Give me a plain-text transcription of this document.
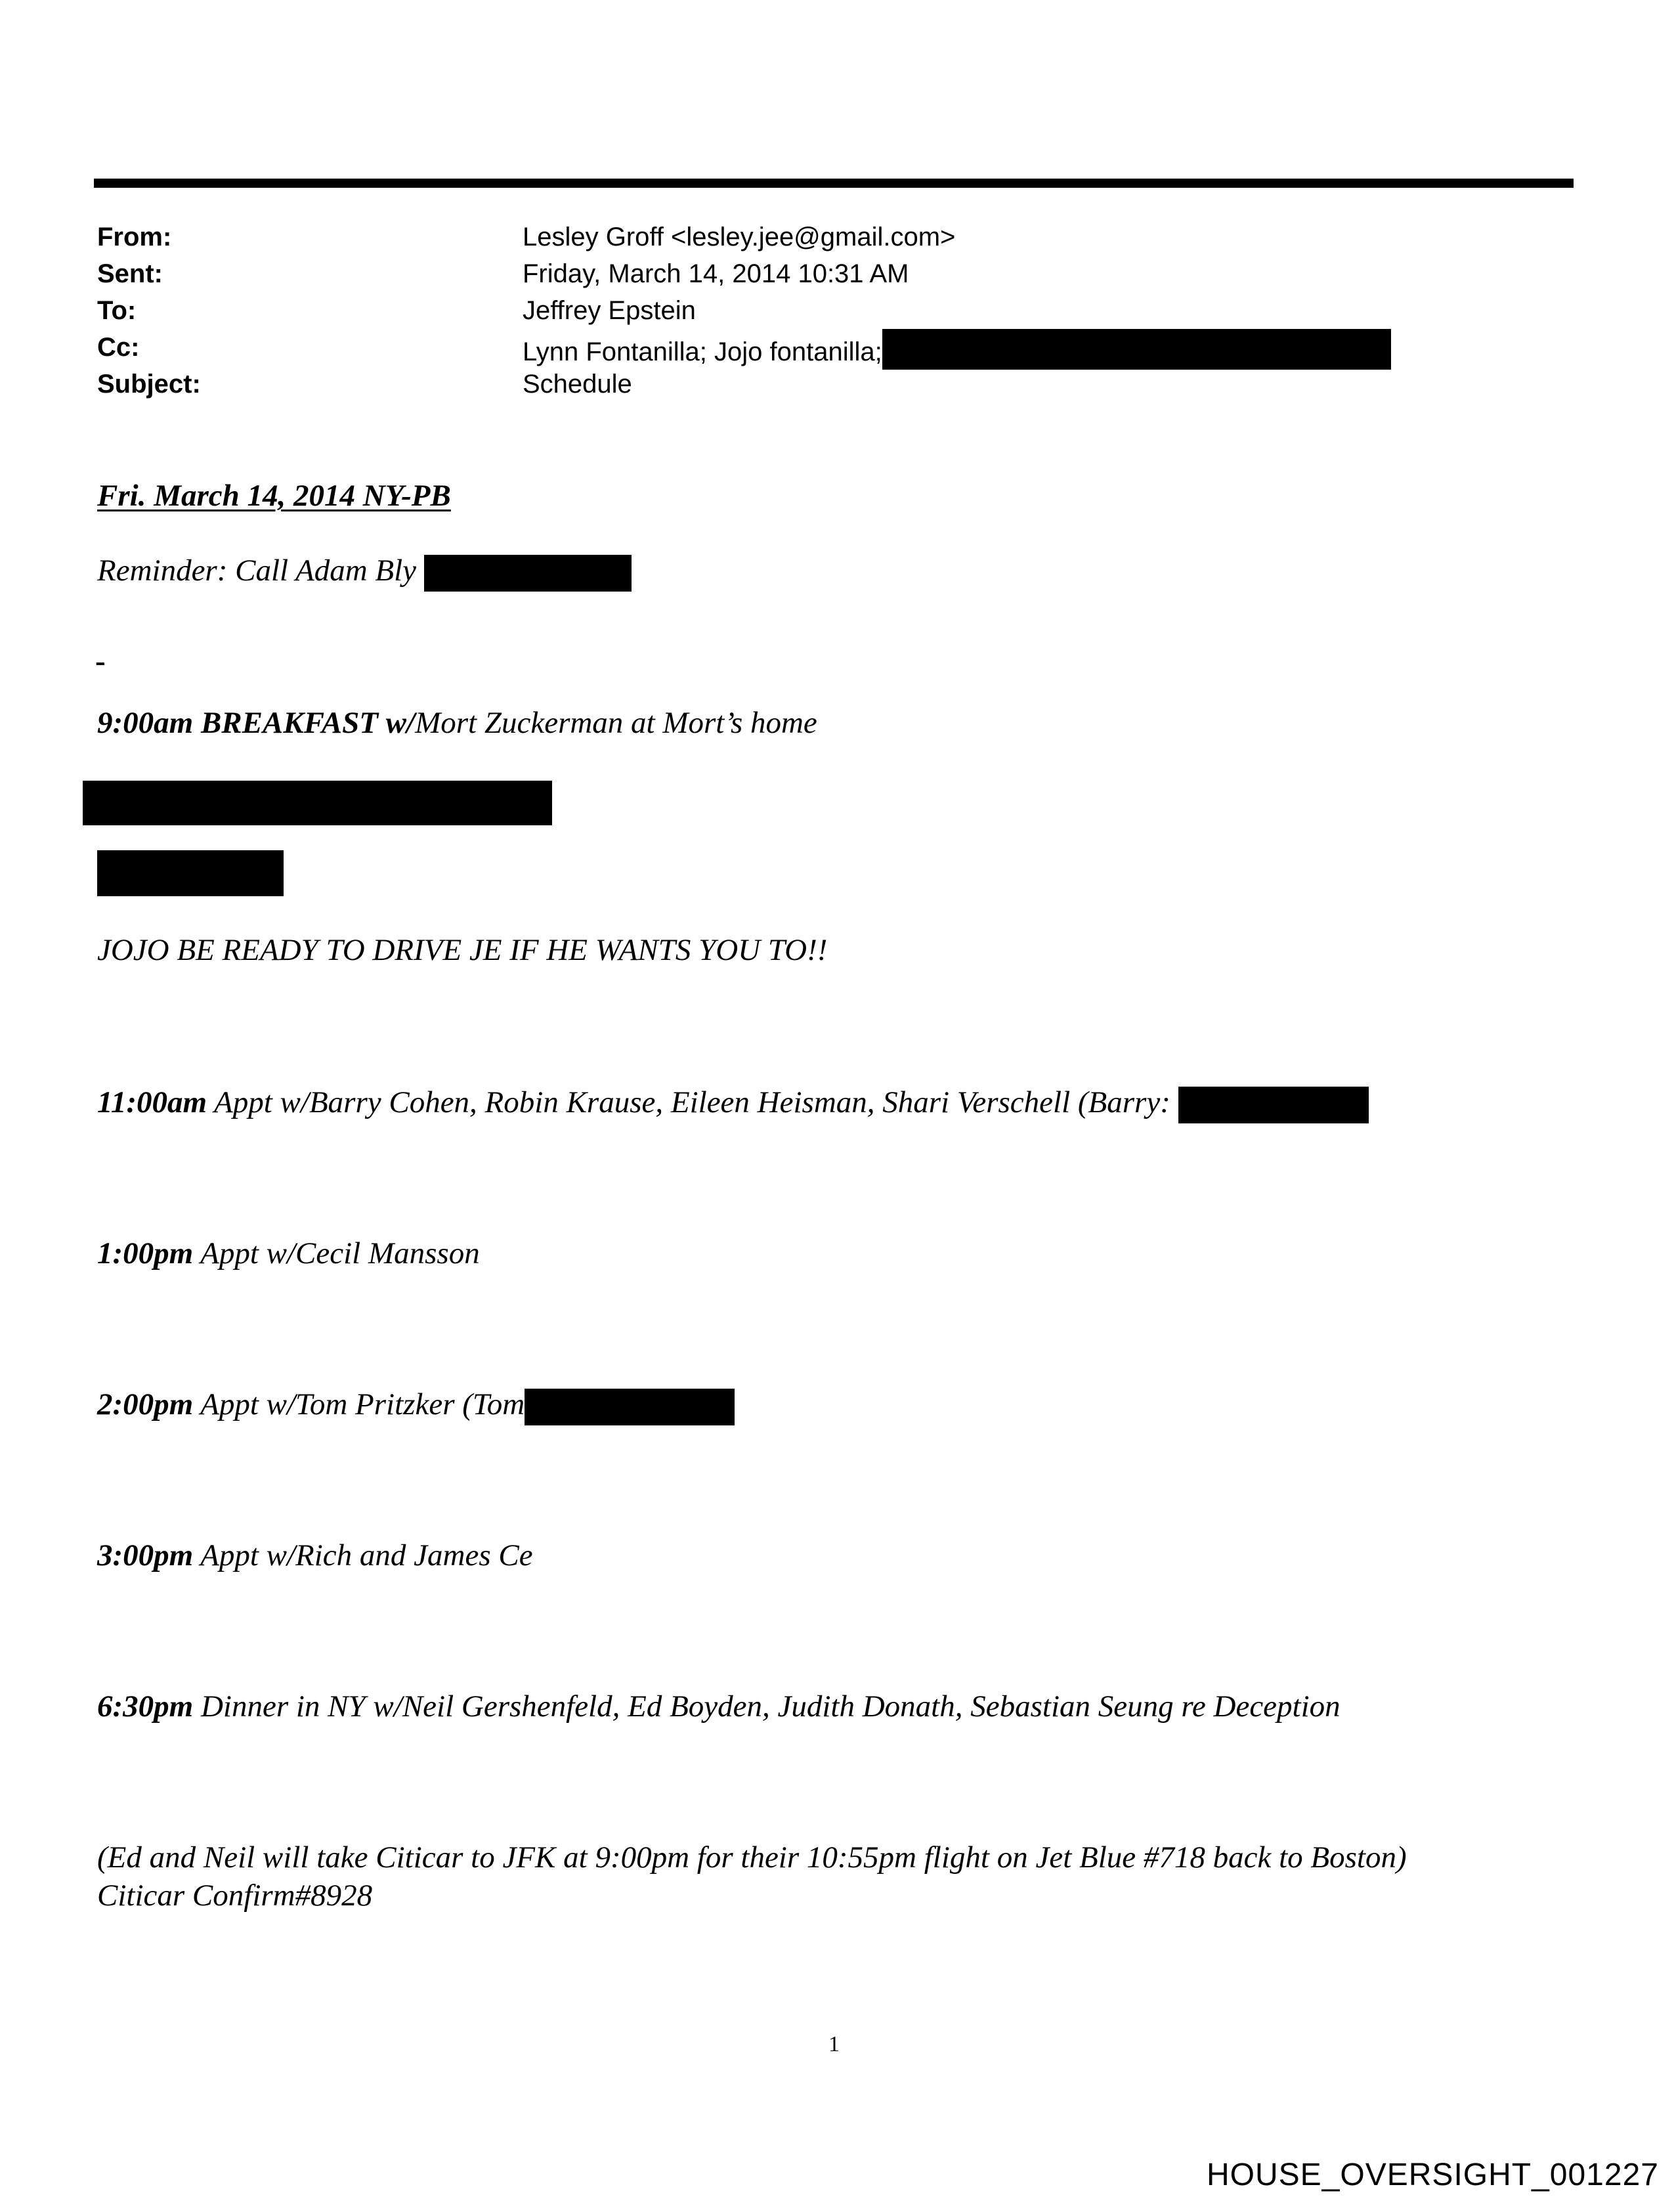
From:	Lesley Groff <lesley.jee@gmail.com>
Sent:	Friday, March 14, 2014 10:31 AM
To:	Jeffrey Epstein
Cc:	Lynn Fontanilla; Jojo fontanilla;
Subject:	Schedule
Fri. March 14, 2014 NY-PB
Reminder: Call Adam Bly
-
9:00am BREAKFAST w/Mort Zuckerman at Mort’s home
JOJO BE READY TO DRIVE JE IF HE WANTS YOU TO!!
11:00am Appt w/Barry Cohen, Robin Krause, Eileen Heisman, Shari Verschell (Barry:
1:00pm Appt w/Cecil Mansson
2:00pm Appt w/Tom Pritzker (Tom
3:00pm Appt w/Rich and James Ce
6:30pm Dinner in NY w/Neil Gershenfeld, Ed Boyden, Judith Donath, Sebastian Seung re Deception
(Ed and Neil will take Citicar to JFK at 9:00pm for their 10:55pm flight on Jet Blue #718 back to Boston)
Citicar Confirm#8928
1
HOUSE_OVERSIGHT_001227
